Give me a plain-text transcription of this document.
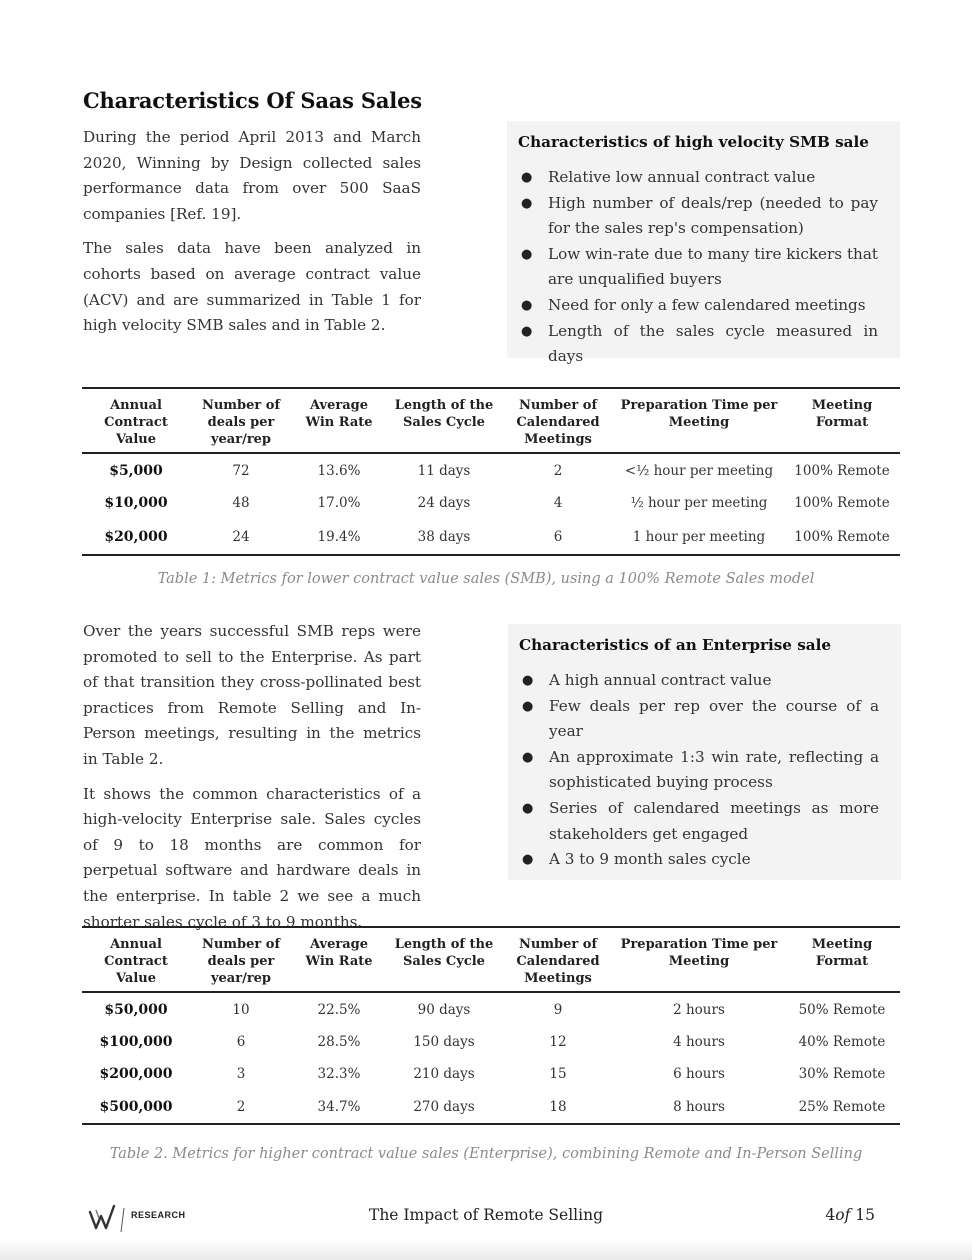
Characteristics Of Saas Sales

During the period April 2013 and March 2020, Winning by Design collected sales performance data from over 500 SaaS companies [Ref. 19].

The sales data have been analyzed in cohorts based on average contract value (ACV) and are summarized in Table 1 for high velocity SMB sales and in Table 2.

Characteristics of high velocity SMB sale
● Relative low annual contract value
● High number of deals/rep (needed to pay for the sales rep's compensation)
● Low win-rate due to many tire kickers that are unqualified buyers
● Need for only a few calendared meetings
● Length of the sales cycle measured in days
Annual Contract Value	Number of deals per year/rep	Average Win Rate	Length of the Sales Cycle	Number of Calendared Meetings	Preparation Time per Meeting	Meeting Format
$5,000	72	13.6%	11 days	2	<½ hour per meeting	100% Remote
$10,000	48	17.0%	24 days	4	½ hour per meeting	100% Remote
$20,000	24	19.4%	38 days	6	1 hour per meeting	100% Remote
Table 1: Metrics for lower contract value sales (SMB), using a 100% Remote Sales model

Over the years successful SMB reps were promoted to sell to the Enterprise. As part of that transition they cross-pollinated best practices from Remote Selling and In-Person meetings, resulting in the metrics in Table 2.

It shows the common characteristics of a high-velocity Enterprise sale. Sales cycles of 9 to 18 months are common for perpetual software and hardware deals in the enterprise. In table 2 we see a much shorter sales cycle of 3 to 9 months.

Characteristics of an Enterprise sale
● A high annual contract value
● Few deals per rep over the course of a year
● An approximate 1:3 win rate, reflecting a sophisticated buying process
● Series of calendared meetings as more stakeholders get engaged
● A 3 to 9 month sales cycle
Annual Contract Value	Number of deals per year/rep	Average Win Rate	Length of the Sales Cycle	Number of Calendared Meetings	Preparation Time per Meeting	Meeting Format
$50,000	10	22.5%	90 days	9	2 hours	50% Remote
$100,000	6	28.5%	150 days	12	4 hours	40% Remote
$200,000	3	32.3%	210 days	15	6 hours	30% Remote
$500,000	2	34.7%	270 days	18	8 hours	25% Remote
Table 2. Metrics for higher contract value sales (Enterprise), combining Remote and In-Person Selling
RESEARCH	The Impact of Remote Selling	4of 15
